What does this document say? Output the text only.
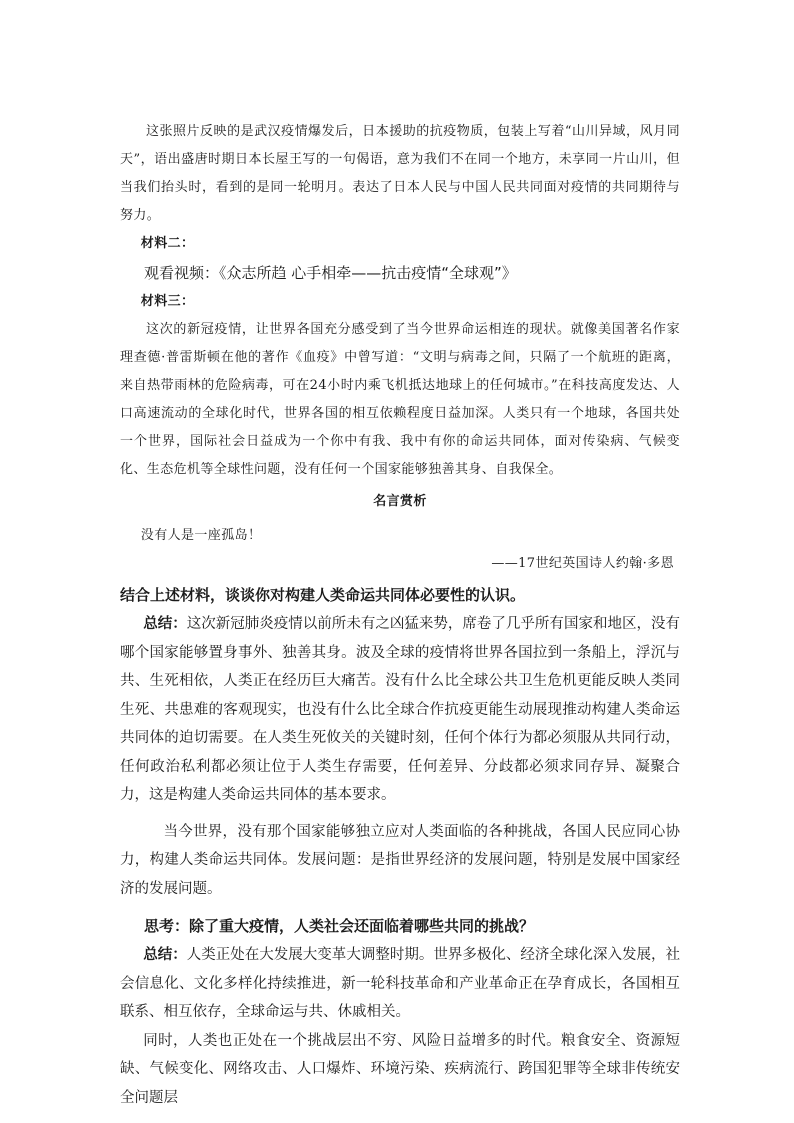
这张照片反映的是武汉疫情爆发后，日本援助的抗疫物质，包装上写着“山川异域，风月同天”，语出盛唐时期日本长屋王写的一句偈语，意为我们不在同一个地方，未享同一片山川，但当我们抬头时，看到的是同一轮明月。表达了日本人民与中国人民共同面对疫情的共同期待与努力。

材料二：

观看视频：《众志所趋 心手相牵——抗击疫情“全球观”》

材料三：

这次的新冠疫情，让世界各国充分感受到了当今世界命运相连的现状。就像美国著名作家理查德·普雷斯顿在他的著作《血疫》中曾写道：“文明与病毒之间，只隔了一个航班的距离，来自热带雨林的危险病毒，可在24小时内乘飞机抵达地球上的任何城市。”在科技高度发达、人口高速流动的全球化时代，世界各国的相互依赖程度日益加深。人类只有一个地球，各国共处一个世界，国际社会日益成为一个你中有我、我中有你的命运共同体，面对传染病、气候变化、生态危机等全球性问题，没有任何一个国家能够独善其身、自我保全。

名言赏析

没有人是一座孤岛！

——17世纪英国诗人约翰·多恩

结合上述材料，谈谈你对构建人类命运共同体必要性的认识。

总结：这次新冠肺炎疫情以前所未有之凶猛来势，席卷了几乎所有国家和地区，没有哪个国家能够置身事外、独善其身。波及全球的疫情将世界各国拉到一条船上，浮沉与共、生死相依，人类正在经历巨大痛苦。没有什么比全球公共卫生危机更能反映人类同生死、共患难的客观现实，也没有什么比全球合作抗疫更能生动展现推动构建人类命运共同体的迫切需要。在人类生死攸关的关键时刻，任何个体行为都必须服从共同行动，任何政治私利都必须让位于人类生存需要，任何差异、分歧都必须求同存异、凝聚合力，这是构建人类命运共同体的基本要求。

当今世界，没有那个国家能够独立应对人类面临的各种挑战，各国人民应同心协力，构建人类命运共同体。发展问题：是指世界经济的发展问题，特别是发展中国家经济的发展问题。

思考：除了重大疫情，人类社会还面临着哪些共同的挑战？

总结：人类正处在大发展大变革大调整时期。世界多极化、经济全球化深入发展，社会信息化、文化多样化持续推进，新一轮科技革命和产业革命正在孕育成长，各国相互联系、相互依存，全球命运与共、休戚相关。

同时，人类也正处在一个挑战层出不穷、风险日益增多的时代。粮食安全、资源短缺、气候变化、网络攻击、人口爆炸、环境污染、疾病流行、跨国犯罪等全球非传统安全问题层
